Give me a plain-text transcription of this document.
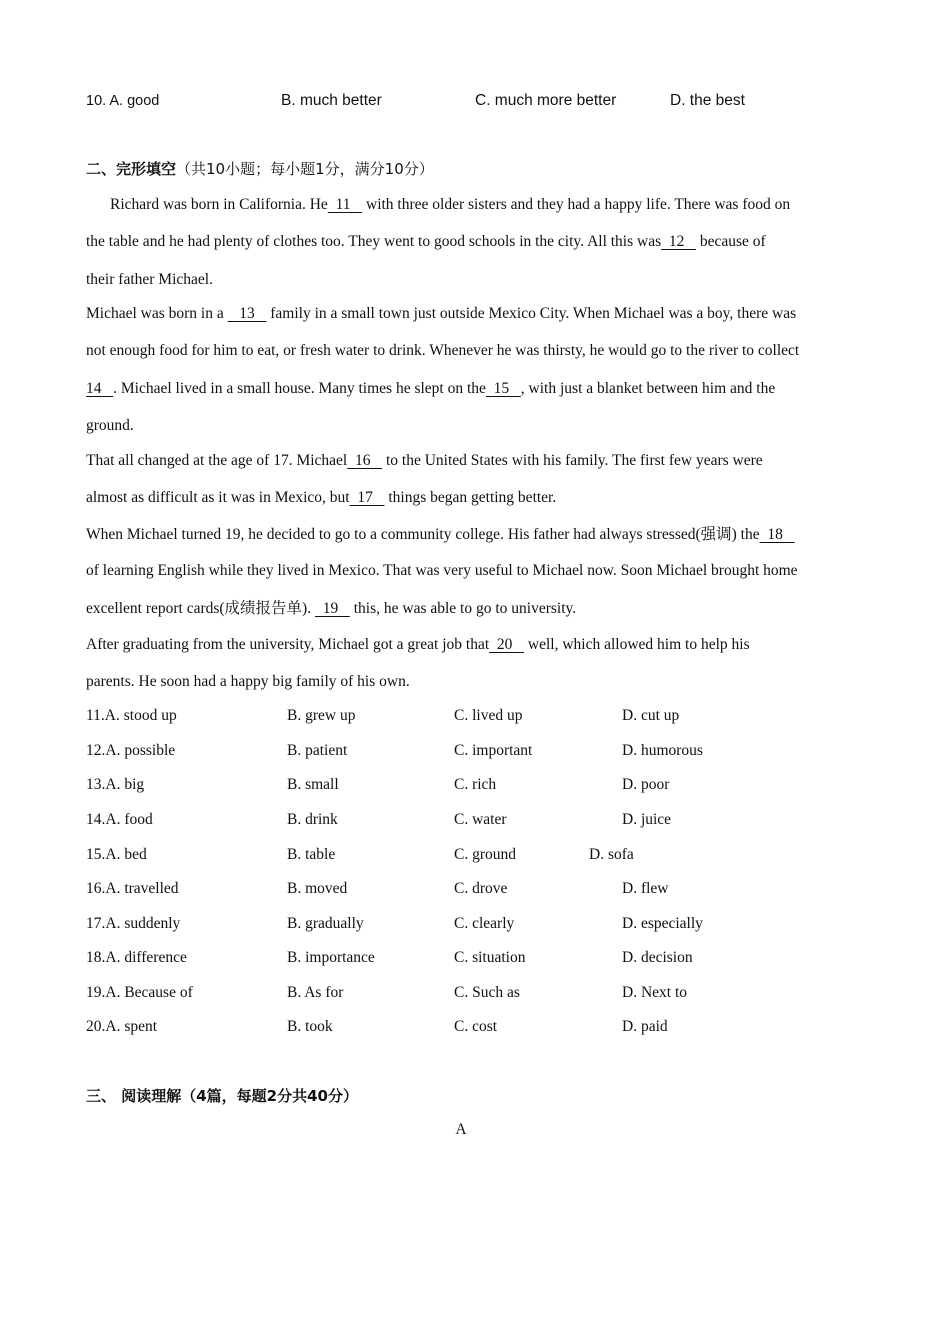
10. A. good	B. much better	C. much more better	D. the best
二、完形填空（共10小题；每小题1分，满分10分）
Richard was born in California. He  11    with three older sisters and they had a happy life. There was food on
the table and he had plenty of clothes too. They went to good schools in the city. All this was  12    because of
their father Michael.
Michael was born in a    13    family in a small town just outside Mexico City. When Michael was a boy, there was
not enough food for him to eat, or fresh water to drink. Whenever he was thirsty, he would go to the river to collect
14   . Michael lived in a small house. Many times he slept on the  15   , with just a blanket between him and the
ground.
That all changed at the age of 17. Michael  16    to the United States with his family. The first few years were
almost as difficult as it was in Mexico, but  17    things began getting better.
When Michael turned 19, he decided to go to a community college. His father had always stressed(强调) the  18
of learning English while they lived in Mexico. That was very useful to Michael now. Soon Michael brought home
excellent report cards(成绩报告单).   19    this, he was able to go to university.
After graduating from the university, Michael got a great job that  20    well, which allowed him to help his
parents. He soon had a happy big family of his own.
11.A. stood up	B. grew up	C. lived up	D. cut up
12.A. possible	B. patient	C. important	D. humorous
13.A. big	B. small	C. rich	D. poor
14.A. food	B. drink	C. water	D. juice
15.A. bed	B. table	C. ground	D. sofa
16.A. travelled	B. moved	C. drove	D. flew
17.A. suddenly	B. gradually	C. clearly	D. especially
18.A. difference	B. importance	C. situation	D. decision
19.A. Because of	B. As for	C. Such as	D. Next to
20.A. spent	B. took	C. cost	D. paid
三、 阅读理解（4篇，每题2分共40分）
A
